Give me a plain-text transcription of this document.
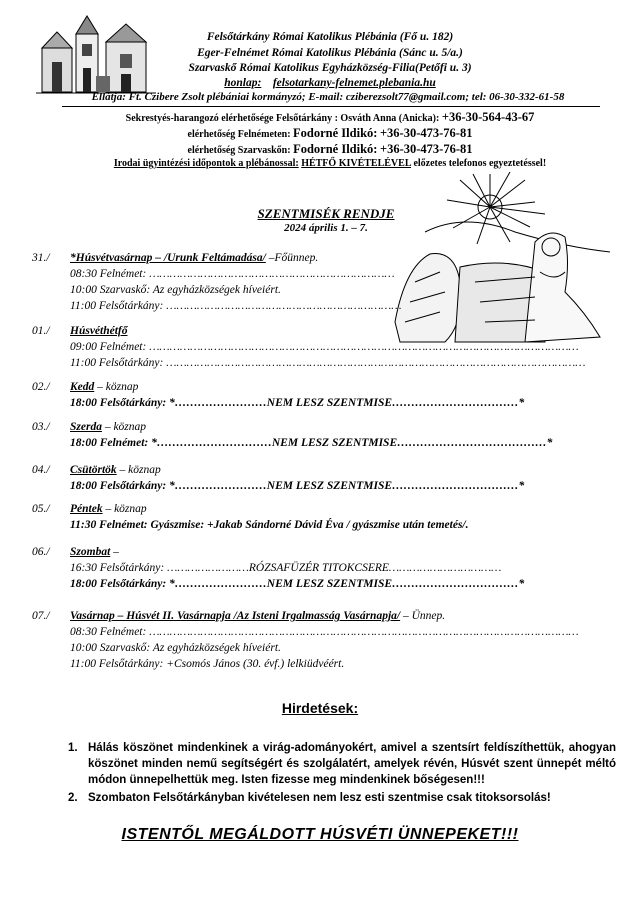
Felsőtárkány Római Katolikus Plébánia (Fő u. 182)
Eger-Felnémet Római Katolikus Plébánia (Sánc u. 5/a.)
Szarvaskő Római Katolikus Egyházközség-Filia(Petőfi u. 3)
honlap: felsotarkany-felnemet.plebania.hu
Ellátja: Ft. Czibere Zsolt plébániai kormányzó; E-mail: cziberezsolt77@gmail.com; tel: 06-30-332-61-58
Sekrestyés-harangozó elérhetősége Felsőtárkány : Osváth Anna (Anicka): +36-30-564-43-67
elérhetőség Felnémeten: Fodorné Ildikó: +36-30-473-76-81
elérhetőség Szarvaskőn: Fodorné Ildikó: +36-30-473-76-81
Irodai ügyintézési időpontok a plébánossal: HÉTFŐ KIVÉTELÉVEL előzetes telefonos egyeztetéssel!
SZENTMISÉK RENDJE
2024 április 1. – 7.
31./ *Húsvétvasárnap – /Urunk Feltámadása/ –Főünnep.
08:30 Felnémet: ………………………………………………………………
10:00 Szarvaskő: Az egyházközségek híveiért.
11:00 Felsőtárkány: ……………………………………………………………
01./ Húsvéthétfő
09:00 Felnémet: ………………………………………………………………………………………………………………
11:00 Felsőtárkány: ……………………………………………………………………………………………………………
02./ Kedd – köznap
18:00 Felsőtárkány: *……………………NEM LESZ SZENTMISE……………………………*
03./ Szerda – köznap
18:00 Felnémet: *…………………………NEM LESZ SZENTMISE…………………………………*
04./ Csütörtök – köznap
18:00 Felsőtárkány: *……………………NEM LESZ SZENTMISE……………………………*
05./ Péntek – köznap
11:30 Felnémet: Gyászmise: +Jakab Sándorné Dávid Éva / gyászmise után temetés/.
06./ Szombat –
16:30 Felsőtárkány: ……………………RÓZSAFÜZÉR TITOKCSERE……………………………
18:00 Felsőtárkány: *……………………NEM LESZ SZENTMISE……………………………*
07./ Vasárnap – Húsvét II. Vasárnapja /Az Isteni Irgalmasság Vasárnapja/ – Ünnep.
08:30 Felnémet: ………………………………………………………………………………………………………………
10:00 Szarvaskő: Az egyházközségek híveiért.
11:00 Felsőtárkány: +Csomós János (30. évf.) lelkiüdvéért.
Hirdetések:
1. Hálás köszönet mindenkinek a virág-adományokért, amivel a szentsírt feldíszíthettük, ahogyan köszönet minden nemű segítségért és szolgálatért, amelyek révén, Húsvét szent ünnepét méltó módon ünnepelhettük meg. Isten fizesse meg mindenkinek bőségesen!!!
2. Szombaton Felsőtárkányban kivételesen nem lesz esti szentmise csak titoksorsolás!
ISTENTŐL MEGÁLDOTT HÚSVÉTI ÜNNEPEKET!!!
